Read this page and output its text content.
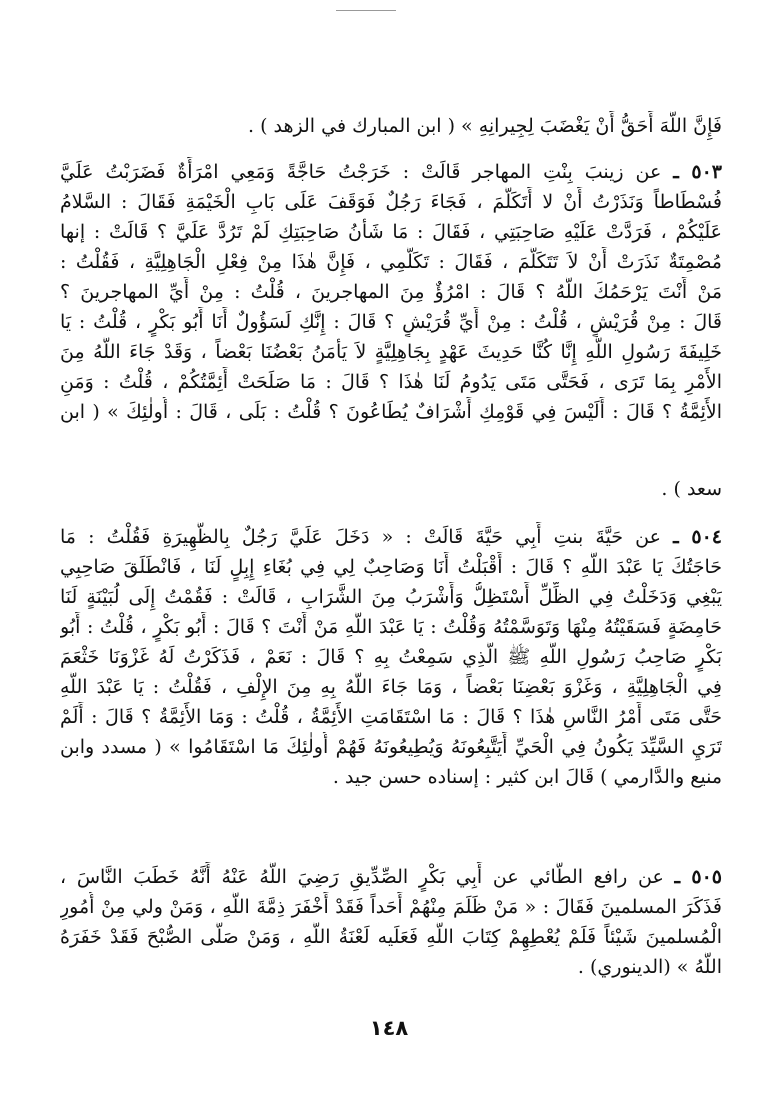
فَإِنَّ اللَّهَ أَحَقُّ أَنْ يَغْضَبَ لِجِيرانِهِ » ( ابن المبارك في الزهد ) .
٥٠٣ ـ عن زينبَ بِنْتِ المهاجر قَالَتْ : خَرَجْتُ حَاجَّةً وَمَعِي امْرَأَةٌ فَضَرَبْتُ عَلَيَّ
فُسْطَاطاً وَنَذَرْتُ أَنْ لا أَتَكَلَّمَ ، فَجَاءَ رَجُلٌ فَوَقَفَ عَلَى بَابِ الْخَيْمَةِ فَقَالَ : السَّلامُ
عَلَيْكُمْ ، فَرَدَّتْ عَلَيْهِ صَاحِبَتِي ، فَقَالَ : مَا شَأْنُ صَاحِبَتِكِ لَمْ تَرُدَّ عَلَيَّ ؟ قَالَتْ : إنها
مُصْمِتَةٌ نَذَرَتْ أَنْ لاَ تَتَكَلَّمَ ، فَقَالَ : تَكَلَّمِي ، فَإِنَّ هٰذَا مِنْ فِعْلِ الْجَاهِلِيَّةِ ، فَقُلْتُ :
مَنْ أَنْتَ يَرْحَمُكَ اللَّهُ ؟ قَالَ : امْرُؤٌ مِنَ المهاجرينَ ، قُلْتُ : مِنْ أَيِّ المهاجرينَ ؟
قَالَ : مِنْ قُرَيْشٍ ، قُلْتُ : مِنْ أَيِّ قُرَيْشٍ ؟ قَالَ : إِنَّكِ لَسَؤُولٌ أَنَا أَبُو بَكْرٍ ، قُلْتُ : يَا
خَلِيفَةَ رَسُولِ اللَّهِ إِنَّا كُنَّا حَدِيثَ عَهْدٍ بِجَاهِلِيَّةٍ لاَ يَأْمَنُ بَعْضُنَا بَعْضاً ، وَقَدْ جَاءَ اللَّهُ مِنَ
الأَمْرِ بِمَا تَرَى ، فَحَتَّى مَتَى يَدُومُ لَنَا هٰذَا ؟ قَالَ : مَا صَلَحَتْ أَئِمَّتُكُمْ ، قُلْتُ : وَمَنِ
الأَئِمَّةُ ؟ قَالَ : أَلَيْسَ فِي قَوْمِكِ أَشْرَافٌ يُطَاعُونَ ؟ قُلْتُ : بَلَى ، قَالَ : أُولٰئِكَ » ( ابن
سعد ) .
٥٠٤ ـ عن حَيَّةَ بنتِ أَبِي حَيَّةَ قَالَتْ : « دَخَلَ عَلَيَّ رَجُلٌ بِالظَّهِيرَةِ فَقُلْتُ : مَا
حَاجَتُكَ يَا عَبْدَ اللَّهِ ؟ قَالَ : أَقْبَلْتُ أَنَا وَصَاحِبٌ لِي فِي بُغَاءِ إِبِلٍ لَنَا ، فَانْطَلَقَ صَاحِبِي
يَبْغِي وَدَخَلْتُ فِي الظِّلِّ أَسْتَظِلُّ وَأَشْرَبُ مِنَ الشَّرَابِ ، قَالَتْ : فَقُمْتُ إِلَى لُبَيْنَةٍ لَنَا
حَامِضَةٍ فَسَقَيْتُهُ مِنْهَا وَتَوَسَّمْتُهُ وَقُلْتُ : يَا عَبْدَ اللَّهِ مَنْ أَنْتَ ؟ قَالَ : أَبُو بَكْرٍ ، قُلْتُ : أَبُو
بَكْرٍ صَاحِبُ رَسُولِ اللَّهِ ﷺ الَّذِي سَمِعْتُ بِهِ ؟ قَالَ : نَعَمْ ، فَذَكَرْتُ لَهُ غَزْوَنَا خَثْعَمَ
فِي الْجَاهِلِيَّةِ ، وَغَزْوَ بَعْضِنَا بَعْضاً ، وَمَا جَاءَ اللَّهُ بِهِ مِنَ الإِلْفِ ، فَقُلْتُ : يَا عَبْدَ اللَّهِ
حَتَّى مَتَى أَمْرُ النَّاسِ هٰذَا ؟ قَالَ : مَا اسْتَقَامَتِ الأَئِمَّةُ ، قُلْتُ : وَمَا الأَئِمَّةُ ؟ قَالَ : أَلَمْ
تَرَيِ السَّيِّدَ يَكُونُ فِي الْحَيِّ أَيَتَّبِعُونَهُ وَيُطِيعُونَهُ فَهُمْ أُولٰئِكَ مَا اسْتَقَامُوا » ( مسدد وابن
منيع والدَّارمي ) قَالَ ابن كثير : إسناده حسن جيد .
٥٠٥ ـ عن رافع الطَّائي عن أَبِي بَكْرٍ الصِّدِّيقِ رَضِيَ اللَّهُ عَنْهُ أَنَّهُ خَطَبَ النَّاسَ ،
فَذَكَرَ المسلمينَ فَقَالَ : « مَنْ ظَلَمَ مِنْهُمْ أَحَداً فَقَدْ أَخْفَرَ ذِمَّةَ اللَّهِ ، وَمَنْ ولي مِنْ أُمُورِ
الْمُسلمينَ شَيْئاً فَلَمْ يُعْطِهِمْ كِتَابَ اللَّهِ فَعَلَيه لَعْنَةُ اللَّهِ ، وَمَنْ صَلَّى الصُّبْحَ فَقَدْ خَفَرَهُ
اللَّهُ » (الدينوري) .
١٤٨
